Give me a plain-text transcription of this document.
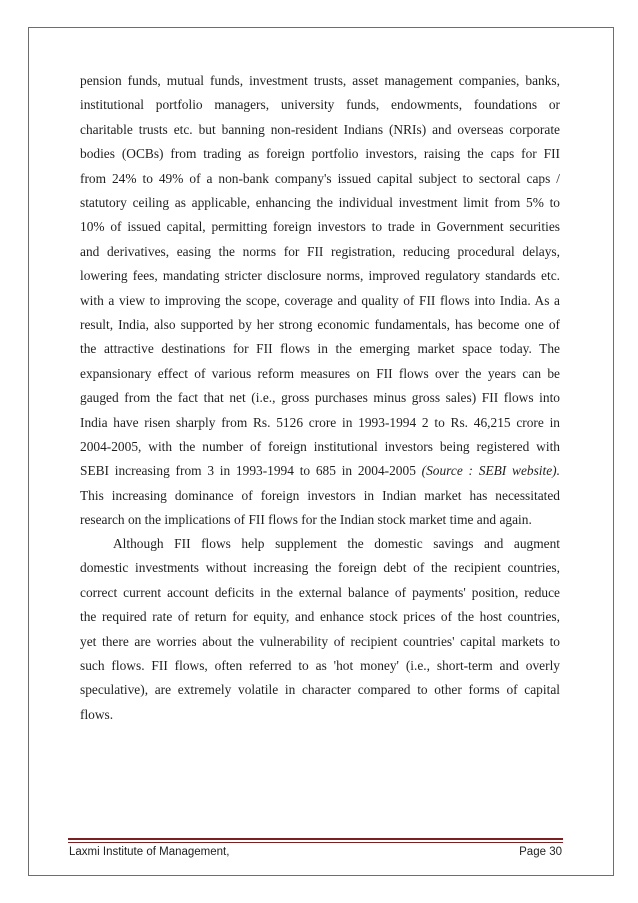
pension funds, mutual funds, investment trusts, asset management companies, banks,
institutional portfolio managers, university funds, endowments, foundations or
charitable trusts etc. but banning non-resident Indians (NRIs) and overseas corporate
bodies (OCBs) from trading as foreign portfolio investors, raising the caps for FII
from 24% to 49% of a non-bank company's issued capital subject to sectoral caps /
statutory ceiling as applicable, enhancing the individual investment limit from 5% to
10% of issued capital, permitting foreign investors to trade in Government securities
and derivatives, easing the norms for FII registration, reducing procedural delays,
lowering fees, mandating stricter disclosure norms, improved regulatory standards etc.
with a view to improving the scope, coverage and quality of FII flows into India. As a
result, India, also supported by her strong economic fundamentals, has become one of
the attractive destinations for FII flows in the emerging market space today. The
expansionary effect of various reform measures on FII flows over the years can be
gauged from the fact that net (i.e., gross purchases minus gross sales) FII flows into
India have risen sharply from Rs. 5126 crore in 1993-1994 2 to Rs. 46,215 crore in
2004-2005, with the number of foreign institutional investors being registered with
SEBI increasing from 3 in 1993-1994 to 685 in 2004-2005 (Source : SEBI website).
This increasing dominance of foreign investors in Indian market has necessitated
research on the implications of FII flows for the Indian stock market time and again.
Although FII flows help supplement the domestic savings and augment
domestic investments without increasing the foreign debt of the recipient countries,
correct current account deficits in the external balance of payments' position, reduce
the required rate of return for equity, and enhance stock prices of the host countries,
yet there are worries about the vulnerability of recipient countries' capital markets to
such flows. FII flows, often referred to as 'hot money' (i.e., short-term and overly
speculative), are extremely volatile in character compared to other forms of capital
flows.
Laxmi Institute of Management,	Page 30
